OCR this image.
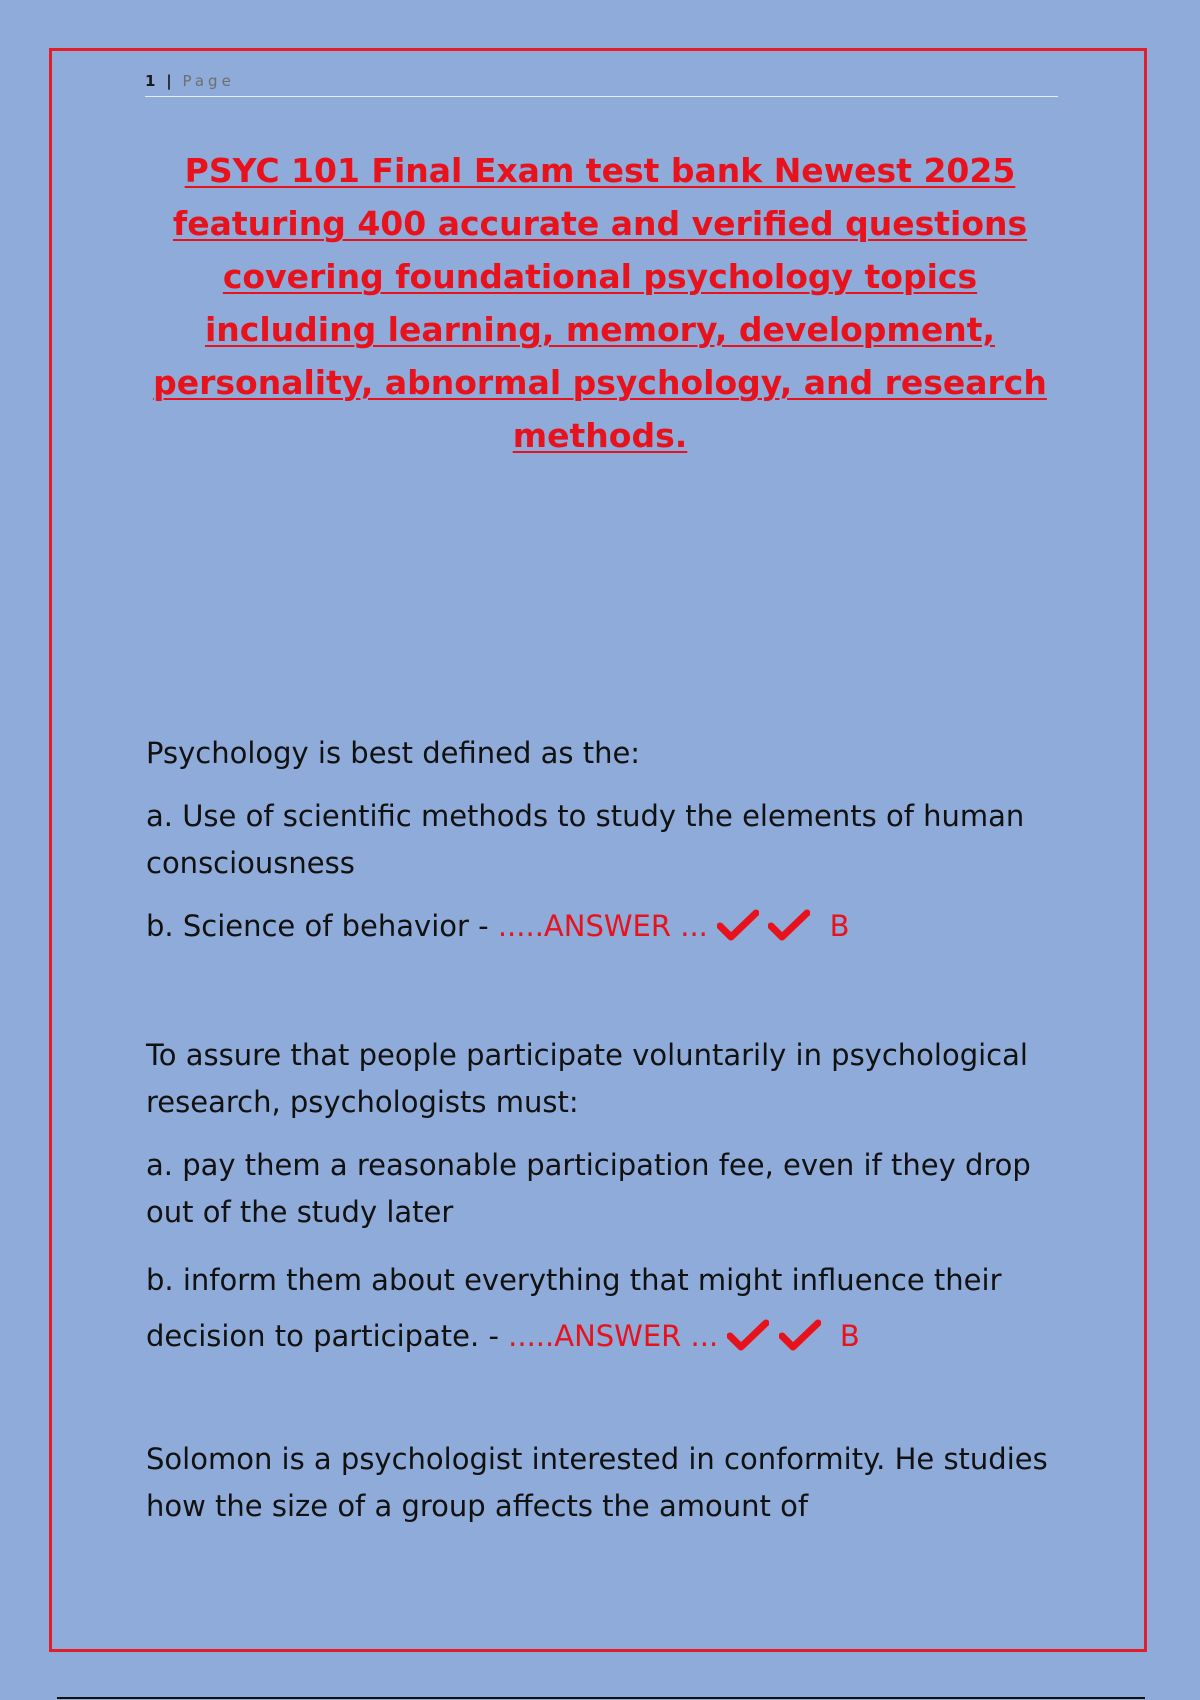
1 | Page
PSYC 101 Final Exam test bank Newest 2025 featuring 400 accurate and verified questions covering foundational psychology topics including learning, memory, development, personality, abnormal psychology, and research methods.

Psychology is best defined as the:

a. Use of scientific methods to study the elements of human consciousness

b. Science of behavior - .....ANSWER ...	B

To assure that people participate voluntarily in psychological research, psychologists must:

a. pay them a reasonable participation fee, even if they drop out of the study later

b. inform them about everything that might influence their decision to participate. - .....ANSWER ...	B

Solomon is a psychologist interested in conformity. He studies how the size of a group affects the amount of
